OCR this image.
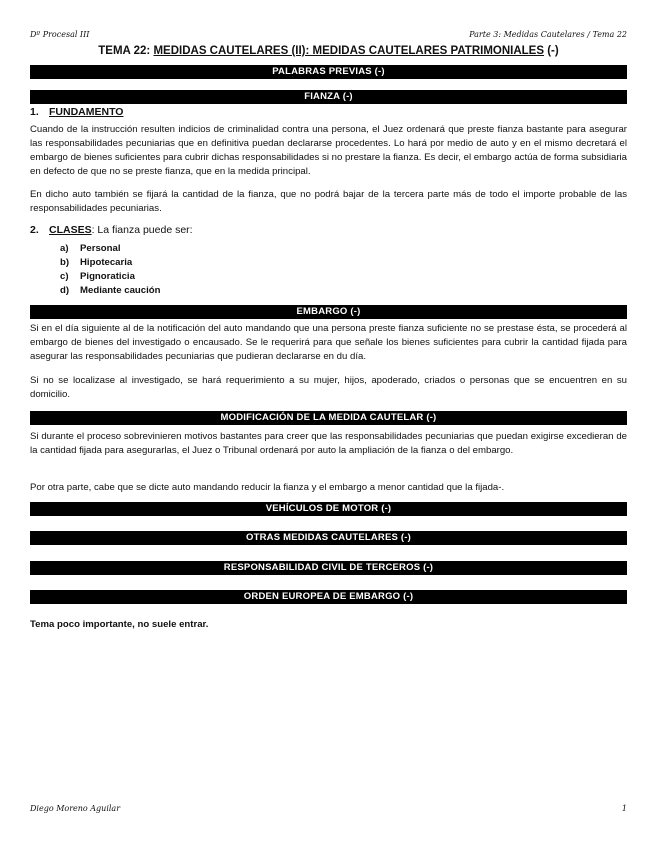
Dº Procesal III	Parte 3: Medidas Cautelares / Tema 22
TEMA 22: MEDIDAS CAUTELARES (II): MEDIDAS CAUTELARES PATRIMONIALES (-)
PALABRAS PREVIAS (-)
FIANZA (-)
1. FUNDAMENTO

Cuando de la instrucción resulten indicios de criminalidad contra una persona, el Juez ordenará que preste fianza bastante para asegurar las responsabilidades pecuniarias que en definitiva puedan declararse procedentes. Lo hará por medio de auto y en el mismo decretará el embargo de bienes suficientes para cubrir dichas responsabilidades si no prestare la fianza. Es decir, el embargo actúa de forma subsidiaria en defecto de que no se preste fianza, que en la medida principal.

En dicho auto también se fijará la cantidad de la fianza, que no podrá bajar de la tercera parte más de todo el importe probable de las responsabilidades pecuniarias.

2. CLASES: La fianza puede ser:
a) Personal
b) Hipotecaria
c) Pignoraticia
d) Mediante caución
EMBARGO (-)

Si en el día siguiente al de la notificación del auto mandando que una persona preste fianza suficiente no se prestase ésta, se procederá al embargo de bienes del investigado o encausado. Se le requerirá para que señale los bienes suficientes para cubrir la cantidad fijada para asegurar las responsabilidades pecuniarias que pudieran declararse en du día.

Si no se localizase al investigado, se hará requerimiento a su mujer, hijos, apoderado, criados o personas que se encuentren en su domicilio.

MODIFICACIÓN DE LA MEDIDA CAUTELAR (-)

Si durante el proceso sobrevinieren motivos bastantes para creer que las responsabilidades pecuniarias que puedan exigirse excedieran de la cantidad fijada para asegurarlas, el Juez o Tribunal ordenará por auto la ampliación de la fianza o del embargo.

Por otra parte, cabe que se dicte auto mandando reducir la fianza y el embargo a menor cantidad que la fijada-.

VEHÍCULOS DE MOTOR (-)
OTRAS MEDIDAS CAUTELARES (-)
RESPONSABILIDAD CIVIL DE TERCEROS (-)
ORDEN EUROPEA DE EMBARGO (-)
Tema poco importante, no suele entrar.
Diego Moreno Aguilar	1
